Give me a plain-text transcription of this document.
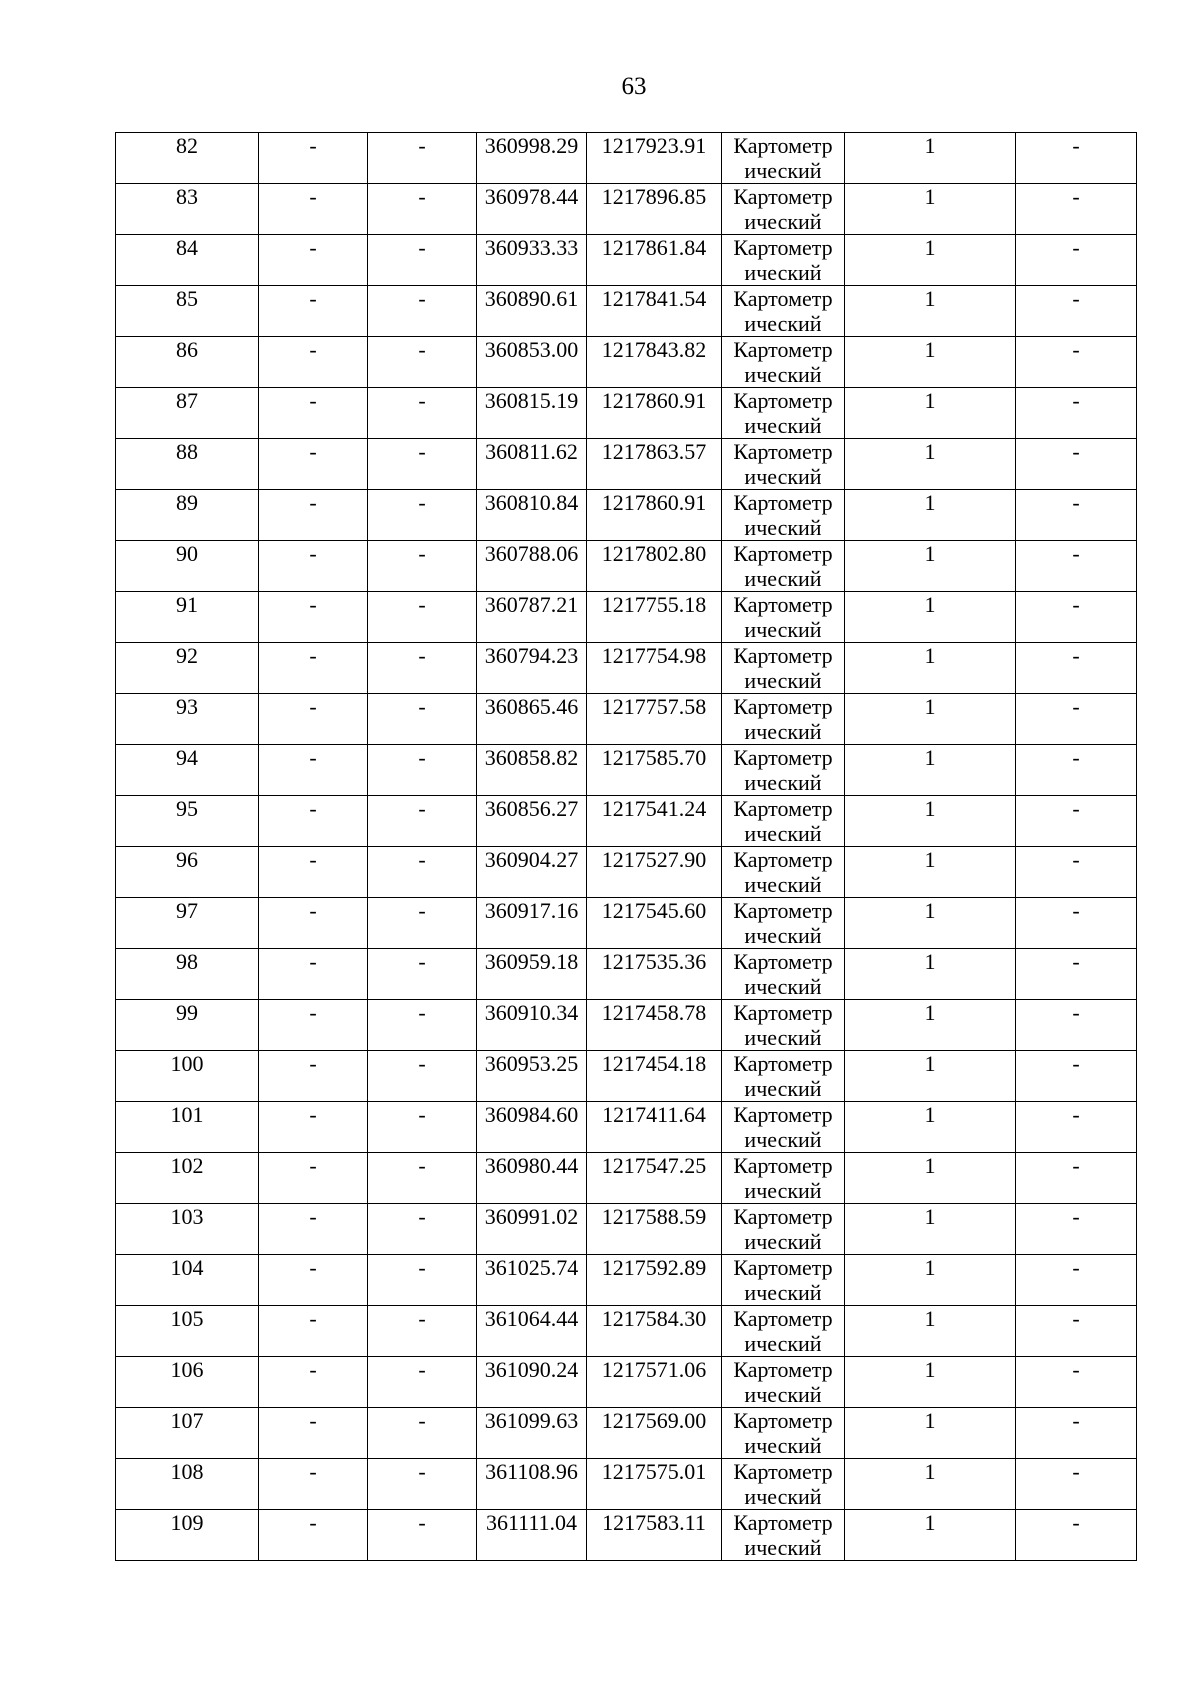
63
82	-	-	360998.29	1217923.91	Картометр ический	1	-

83	-	-	360978.44	1217896.85	Картометр ический	1	-

84	-	-	360933.33	1217861.84	Картометр ический	1	-

85	-	-	360890.61	1217841.54	Картометр ический	1	-

86	-	-	360853.00	1217843.82	Картометр ический	1	-

87	-	-	360815.19	1217860.91	Картометр ический	1	-

88	-	-	360811.62	1217863.57	Картометр ический	1	-

89	-	-	360810.84	1217860.91	Картометр ический	1	-

90	-	-	360788.06	1217802.80	Картометр ический	1	-

91	-	-	360787.21	1217755.18	Картометр ический	1	-

92	-	-	360794.23	1217754.98	Картометр ический	1	-

93	-	-	360865.46	1217757.58	Картометр ический	1	-

94	-	-	360858.82	1217585.70	Картометр ический	1	-

95	-	-	360856.27	1217541.24	Картометр ический	1	-

96	-	-	360904.27	1217527.90	Картометр ический	1	-

97	-	-	360917.16	1217545.60	Картометр ический	1	-

98	-	-	360959.18	1217535.36	Картометр ический	1	-

99	-	-	360910.34	1217458.78	Картометр ический	1	-

100	-	-	360953.25	1217454.18	Картометр ический	1	-

101	-	-	360984.60	1217411.64	Картометр ический	1	-

102	-	-	360980.44	1217547.25	Картометр ический	1	-

103	-	-	360991.02	1217588.59	Картометр ический	1	-

104	-	-	361025.74	1217592.89	Картометр ический	1	-

105	-	-	361064.44	1217584.30	Картометр ический	1	-

106	-	-	361090.24	1217571.06	Картометр ический	1	-

107	-	-	361099.63	1217569.00	Картометр ический	1	-

108	-	-	361108.96	1217575.01	Картометр ический	1	-

109	-	-	361111.04	1217583.11	Картометр ический	1	-
